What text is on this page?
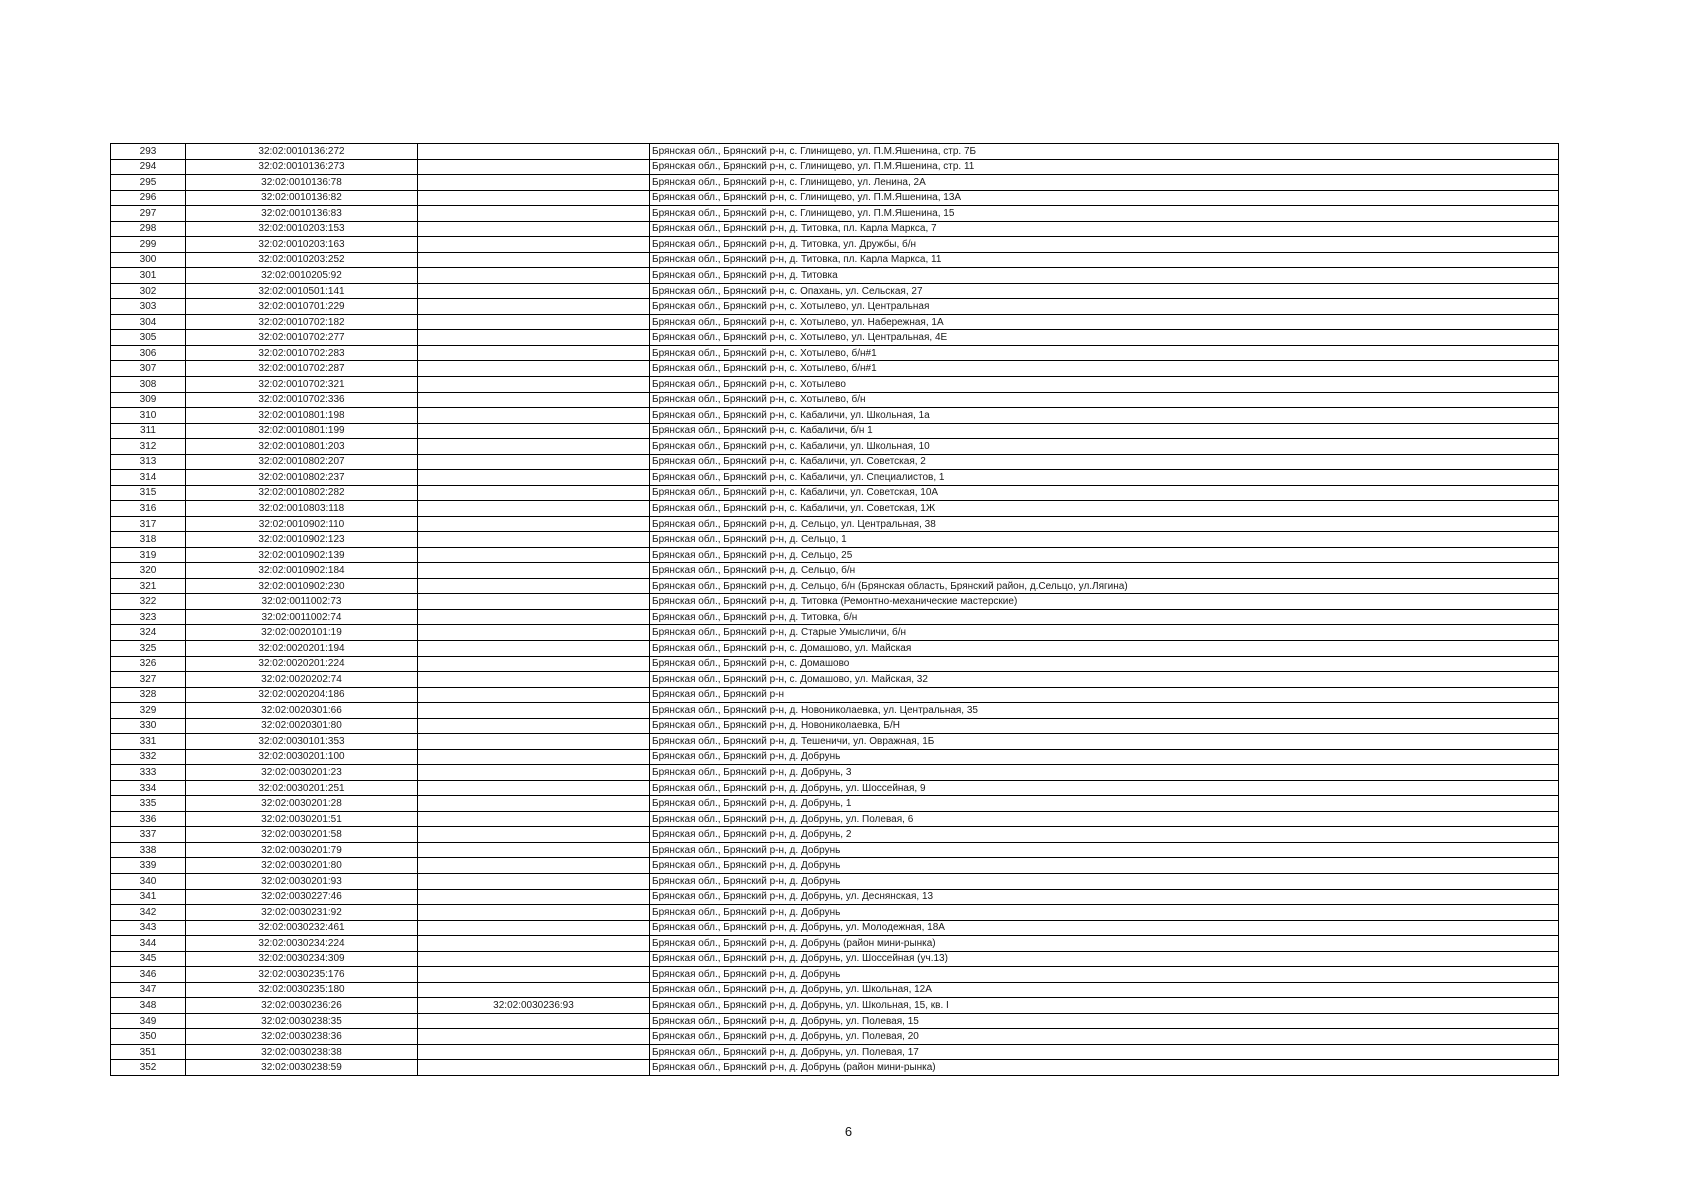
293	32:02:0010136:272		Брянская обл., Брянский р-н, с. Глинищево, ул. П.М.Яшенина, стр. 7Б
294	32:02:0010136:273		Брянская обл., Брянский р-н, с. Глинищево, ул. П.М.Яшенина, стр. 11
295	32:02:0010136:78		Брянская обл., Брянский р-н, с. Глинищево, ул. Ленина, 2А
296	32:02:0010136:82		Брянская обл., Брянский р-н, с. Глинищево, ул. П.М.Яшенина, 13А
297	32:02:0010136:83		Брянская обл., Брянский р-н, с. Глинищево, ул. П.М.Яшенина, 15
298	32:02:0010203:153		Брянская обл., Брянский р-н, д. Титовка, пл. Карла Маркса, 7
299	32:02:0010203:163		Брянская обл., Брянский р-н, д. Титовка, ул. Дружбы, б/н
300	32:02:0010203:252		Брянская обл., Брянский р-н, д. Титовка, пл. Карла Маркса, 11
301	32:02:0010205:92		Брянская обл., Брянский р-н, д. Титовка
302	32:02:0010501:141		Брянская обл., Брянский р-н, с. Опахань, ул. Сельская, 27
303	32:02:0010701:229		Брянская обл., Брянский р-н, с. Хотылево, ул. Центральная
304	32:02:0010702:182		Брянская обл., Брянский р-н, с. Хотылево, ул. Набережная, 1А
305	32:02:0010702:277		Брянская обл., Брянский р-н, с. Хотылево, ул. Центральная, 4Е
306	32:02:0010702:283		Брянская обл., Брянский р-н, с. Хотылево, б/н#1
307	32:02:0010702:287		Брянская обл., Брянский р-н, с. Хотылево, б/н#1
308	32:02:0010702:321		Брянская обл., Брянский р-н, с. Хотылево
309	32:02:0010702:336		Брянская обл., Брянский р-н, с. Хотылево, б/н
310	32:02:0010801:198		Брянская обл., Брянский р-н, с. Кабаличи, ул. Школьная, 1а
311	32:02:0010801:199		Брянская обл., Брянский р-н, с. Кабаличи, б/н 1
312	32:02:0010801:203		Брянская обл., Брянский р-н, с. Кабаличи, ул. Школьная, 10
313	32:02:0010802:207		Брянская обл., Брянский р-н, с. Кабаличи, ул. Советская, 2
314	32:02:0010802:237		Брянская обл., Брянский р-н, с. Кабаличи, ул. Специалистов, 1
315	32:02:0010802:282		Брянская обл., Брянский р-н, с. Кабаличи, ул. Советская, 10А
316	32:02:0010803:118		Брянская обл., Брянский р-н, с. Кабаличи, ул. Советская, 1Ж
317	32:02:0010902:110		Брянская обл., Брянский р-н, д. Сельцо, ул. Центральная, 38
318	32:02:0010902:123		Брянская обл., Брянский р-н, д. Сельцо, 1
319	32:02:0010902:139		Брянская обл., Брянский р-н, д. Сельцо, 25
320	32:02:0010902:184		Брянская обл., Брянский р-н, д. Сельцо, б/н
321	32:02:0010902:230		Брянская обл., Брянский р-н, д. Сельцо, б/н (Брянская область, Брянский район, д.Сельцо, ул.Лягина)
322	32:02:0011002:73		Брянская обл., Брянский р-н, д. Титовка (Ремонтно-механические мастерские)
323	32:02:0011002:74		Брянская обл., Брянский р-н, д. Титовка, б/н
324	32:02:0020101:19		Брянская обл., Брянский р-н, д. Старые Умысличи, б/н
325	32:02:0020201:194		Брянская обл., Брянский р-н, с. Домашово, ул. Майская
326	32:02:0020201:224		Брянская обл., Брянский р-н, с. Домашово
327	32:02:0020202:74		Брянская обл., Брянский р-н, с. Домашово, ул. Майская, 32
328	32:02:0020204:186		Брянская обл., Брянский р-н
329	32:02:0020301:66		Брянская обл., Брянский р-н, д. Новониколаевка, ул. Центральная, 35
330	32:02:0020301:80		Брянская обл., Брянский р-н, д. Новониколаевка, Б/Н
331	32:02:0030101:353		Брянская обл., Брянский р-н, д. Тешеничи, ул. Овражная, 1Б
332	32:02:0030201:100		Брянская обл., Брянский р-н, д. Добрунь
333	32:02:0030201:23		Брянская обл., Брянский р-н, д. Добрунь, 3
334	32:02:0030201:251		Брянская обл., Брянский р-н, д. Добрунь, ул. Шоссейная, 9
335	32:02:0030201:28		Брянская обл., Брянский р-н, д. Добрунь, 1
336	32:02:0030201:51		Брянская обл., Брянский р-н, д. Добрунь, ул. Полевая, 6
337	32:02:0030201:58		Брянская обл., Брянский р-н, д. Добрунь, 2
338	32:02:0030201:79		Брянская обл., Брянский р-н, д. Добрунь
339	32:02:0030201:80		Брянская обл., Брянский р-н, д. Добрунь
340	32:02:0030201:93		Брянская обл., Брянский р-н, д. Добрунь
341	32:02:0030227:46		Брянская обл., Брянский р-н, д. Добрунь, ул. Деснянская, 13
342	32:02:0030231:92		Брянская обл., Брянский р-н, д. Добрунь
343	32:02:0030232:461		Брянская обл., Брянский р-н, д. Добрунь, ул. Молодежная, 18А
344	32:02:0030234:224		Брянская обл., Брянский р-н, д. Добрунь (район мини-рынка)
345	32:02:0030234:309		Брянская обл., Брянский р-н, д. Добрунь, ул. Шоссейная (уч.13)
346	32:02:0030235:176		Брянская обл., Брянский р-н, д. Добрунь
347	32:02:0030235:180		Брянская обл., Брянский р-н, д. Добрунь, ул. Школьная, 12А
348	32:02:0030236:26	32:02:0030236:93	Брянская обл., Брянский р-н, д. Добрунь, ул. Школьная, 15, кв. I
349	32:02:0030238:35		Брянская обл., Брянский р-н, д. Добрунь, ул. Полевая, 15
350	32:02:0030238:36		Брянская обл., Брянский р-н, д. Добрунь, ул. Полевая, 20
351	32:02:0030238:38		Брянская обл., Брянский р-н, д. Добрунь, ул. Полевая, 17
352	32:02:0030238:59		Брянская обл., Брянский р-н, д. Добрунь (район мини-рынка)
6
